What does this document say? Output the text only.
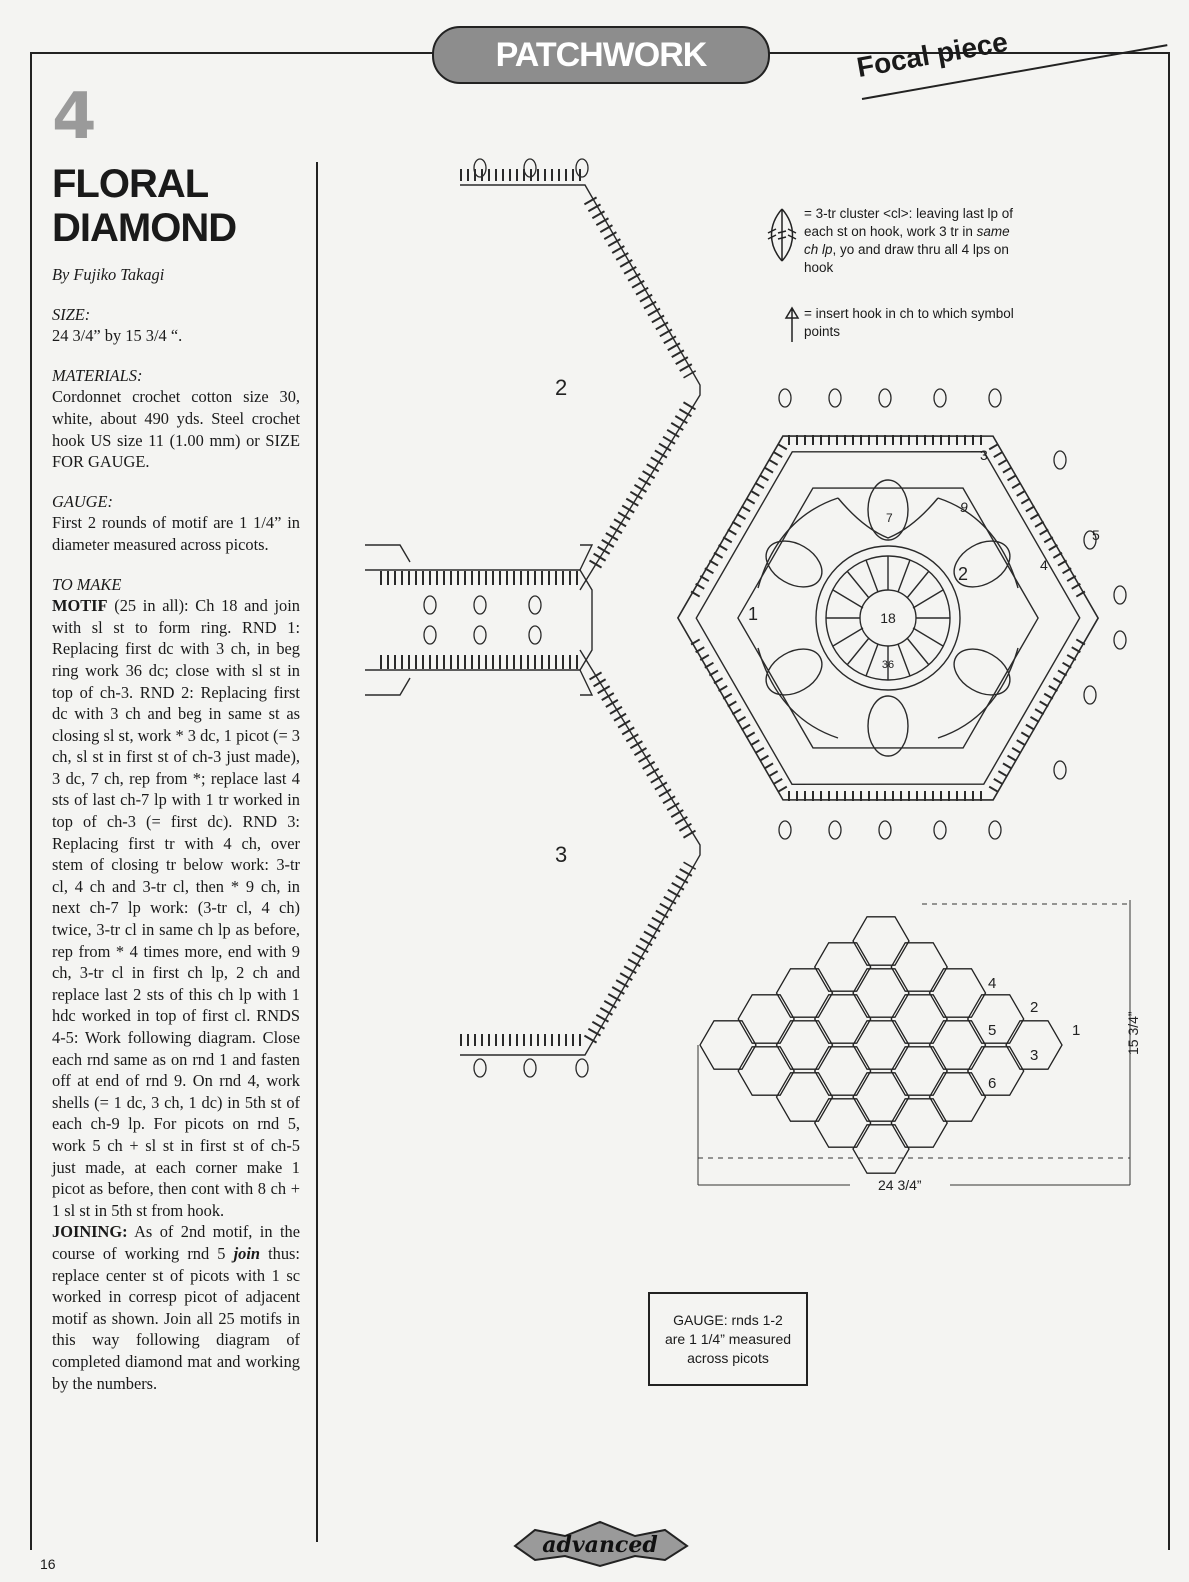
PATCHWORK	Focal piece
4
FLORAL
DIAMOND

By Fujiko Takagi

SIZE:
24 3/4” by 15 3/4 “.

MATERIALS:
Cordonnet crochet cotton size 30, white, about 490 yds. Steel crochet hook US size 11 (1.00 mm) or SIZE FOR GAUGE.

GAUGE:
First 2 rounds of motif are 1 1/4” in diameter measured across picots.

TO MAKE
MOTIF (25 in all): Ch 18 and join with sl st to form ring. RND 1: Replacing first dc with 3 ch, in beg ring work 36 dc; close with sl st in top of ch-3. RND 2: Replacing first dc with 3 ch and beg in same st as closing sl st, work * 3 dc, 1 picot (= 3 ch, sl st in first st of ch-3 just made), 3 dc, 7 ch, rep from *; replace last 4 sts of last ch-7 lp with 1 tr worked in top of ch-3 (= first dc). RND 3: Replacing first tr with 4 ch, over stem of closing tr below work: 3-tr cl, 4 ch and 3-tr cl, then * 9 ch, in next ch-7 lp work: (3-tr cl, 4 ch) twice, 3-tr cl in same ch lp as before, rep from * 4 times more, end with 9 ch, 3-tr cl in first ch lp, 2 ch and replace last 2 sts of this ch lp with 1 hdc worked in top of first cl. RNDS 4-5: Work following diagram. Close each rnd same as on rnd 1 and fasten off at end of rnd 9. On rnd 4, work shells (= 1 dc, 3 ch, 1 dc) in 5th st of each ch-9 lp. For picots on rnd 5, work 5 ch + sl st in first st of ch-5 just made, at each corner make 1 picot as before, then cont with 8 ch + 1 sl st in 5th st from hook.
JOINING: As of 2nd motif, in the course of working rnd 5 join thus: replace center st of picots with 1 sc worked in corresp picot of adjacent motif as shown. Join all 25 motifs in this way following diagram of completed diamond mat and working by the numbers.

= 3-tr cluster <cl>: leaving last lp of each st on hook, work 3 tr in same ch lp, yo and draw thru all 4 lps on hook
= insert hook in ch to which symbol points
18
36
1
2
3
4
5
7
9
2
3
4
2
1
5
3
6
24 3/4”
15 3/4”
GAUGE: rnds 1-2
are 1 1/4” measured
across picots
advanced
16
